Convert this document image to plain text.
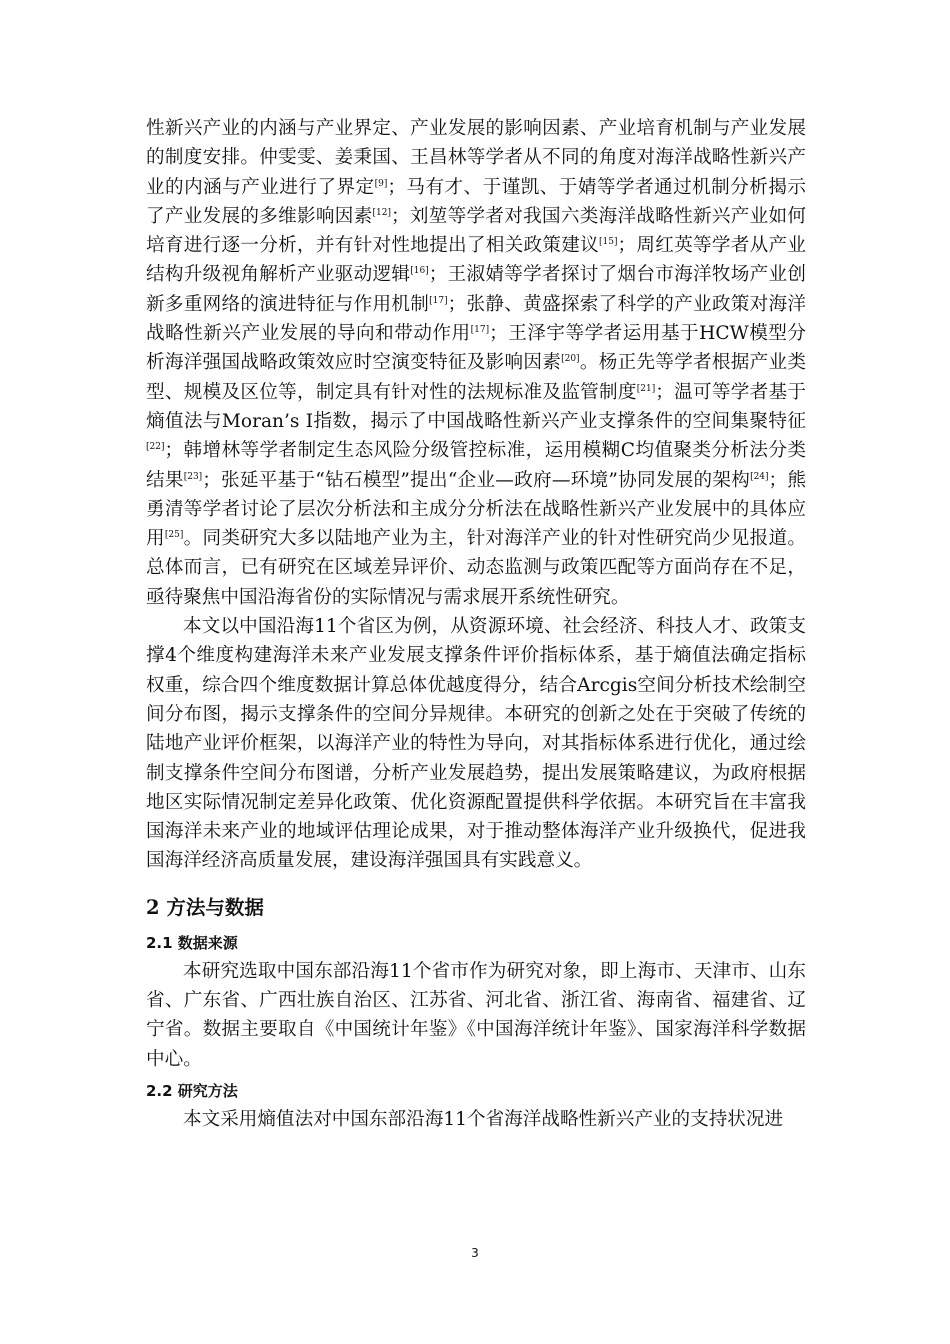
性新兴产业的内涵与产业界定、产业发展的影响因素、产业培育机制与产业发展的制度安排。仲雯雯、姜秉国、王昌林等学者从不同的角度对海洋战略性新兴产业的内涵与产业进行了界定[9]；马有才、于谨凯、于婧等学者通过机制分析揭示了产业发展的多维影响因素[12]；刘堃等学者对我国六类海洋战略性新兴产业如何培育进行逐一分析，并有针对性地提出了相关政策建议[15]；周红英等学者从产业结构升级视角解析产业驱动逻辑[16]；王淑婧等学者探讨了烟台市海洋牧场产业创新多重网络的演进特征与作用机制[17]；张静、黄盛探索了科学的产业政策对海洋战略性新兴产业发展的导向和带动作用[17]；王泽宇等学者运用基于HCW模型分析海洋强国战略政策效应时空演变特征及影响因素[20]。杨正先等学者根据产业类型、规模及区位等，制定具有针对性的法规标准及监管制度[21]；温可等学者基于熵值法与Moran’s I指数，揭示了中国战略性新兴产业支撑条件的空间集聚特征[22]；韩增林等学者制定生态风险分级管控标准，运用模糊C均值聚类分析法分类结果[23]；张延平基于“钻石模型”提出“企业—政府—环境”协同发展的架构[24]；熊勇清等学者讨论了层次分析法和主成分分析法在战略性新兴产业发展中的具体应用[25]。同类研究大多以陆地产业为主，针对海洋产业的针对性研究尚少见报道。总体而言，已有研究在区域差异评价、动态监测与政策匹配等方面尚存在不足，亟待聚焦中国沿海省份的实际情况与需求展开系统性研究。

本文以中国沿海11个省区为例，从资源环境、社会经济、科技人才、政策支撑4个维度构建海洋未来产业发展支撑条件评价指标体系，基于熵值法确定指标权重，综合四个维度数据计算总体优越度得分，结合Arcgis空间分析技术绘制空间分布图，揭示支撑条件的空间分异规律。本研究的创新之处在于突破了传统的陆地产业评价框架，以海洋产业的特性为导向，对其指标体系进行优化，通过绘制支撑条件空间分布图谱，分析产业发展趋势，提出发展策略建议，为政府根据地区实际情况制定差异化政策、优化资源配置提供科学依据。本研究旨在丰富我国海洋未来产业的地域评估理论成果，对于推动整体海洋产业升级换代，促进我国海洋经济高质量发展，建设海洋强国具有实践意义。

2 方法与数据
2.1 数据来源

本研究选取中国东部沿海11个省市作为研究对象，即上海市、天津市、山东省、广东省、广西壮族自治区、江苏省、河北省、浙江省、海南省、福建省、辽宁省。数据主要取自《中国统计年鉴》《中国海洋统计年鉴》、国家海洋科学数据中心。

2.2 研究方法

本文采用熵值法对中国东部沿海11个省海洋战略性新兴产业的支持状况进

3
